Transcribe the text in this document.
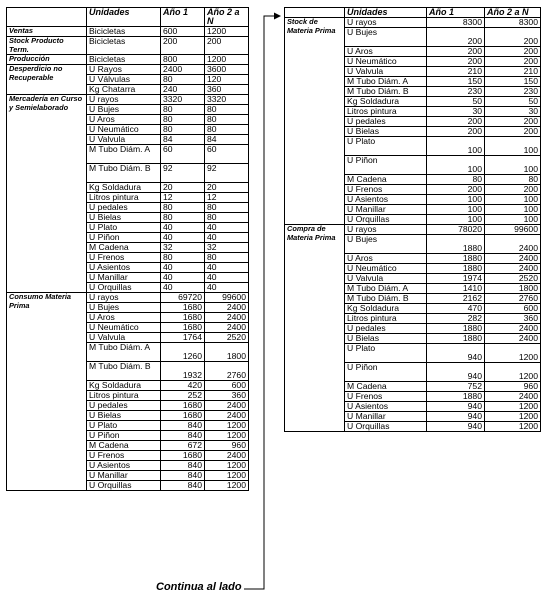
	Unidades	Año 1	Año 2 a N
Ventas	Bicicletas	600	1200
Stock Producto Term.	Bicicletas	200	200
Producción	Bicicletas	800	1200
Desperdicio no Recuperable	U Rayos	2400	3600
	U Válvulas	80	120
	Kg Chatarra	240	360
Mercadería en Curso y Semielaborado	U rayos	3320	3320
	U Bujes	80	80
	U Aros	80	80
	U Neumático	80	80
	U Valvula	84	84
	M Tubo Diám. A	60	60
	M Tubo Diám. B	92	92
	Kg Soldadura	20	20
	Litros pintura	12	12
	U pedales	80	80
	U Bielas	80	80
	U Plato	40	40
	U Piñon	40	40
	M Cadena	32	32
	U Frenos	80	80
	U Asientos	40	40
	U Manillar	40	40
	U Orquillas	40	40
Consumo Materia Prima	U rayos	69720	99600
	U Bujes	1680	2400
	U Aros	1680	2400
	U Neumático	1680	2400
	U Valvula	1764	2520
	M Tubo Diám. A	1260	1800
	M Tubo Diám. B	1932	2760
	Kg Soldadura	420	600
	Litros pintura	252	360
	U pedales	1680	2400
	U Bielas	1680	2400
	U Plato	840	1200
	U Piñon	840	1200
	M Cadena	672	960
	U Frenos	1680	2400
	U Asientos	840	1200
	U Manillar	840	1200
	U Orquillas	840	1200
	Unidades	Año 1	Año 2 a N
Stock de Materia Prima	U rayos	8300	8300
	U Bujes	200	200
	U Aros	200	200
	U Neumático	200	200
	U Valvula	210	210
	M Tubo Diám. A	150	150
	M Tubo Diám. B	230	230
	Kg Soldadura	50	50
	Litros pintura	30	30
	U pedales	200	200
	U Bielas	200	200
	U Plato	100	100
	U Piñon	100	100
	M Cadena	80	80
	U Frenos	200	200
	U Asientos	100	100
	U Manillar	100	100
	U Orquillas	100	100
Compra de Materia Prima	U rayos	78020	99600
	U Bujes	1880	2400
	U Aros	1880	2400
	U Neumático	1880	2400
	U Valvula	1974	2520
	M Tubo Diám. A	1410	1800
	M Tubo Diám. B	2162	2760
	Kg Soldadura	470	600
	Litros pintura	282	360
	U pedales	1880	2400
	U Bielas	1880	2400
	U Plato	940	1200
	U Piñon	940	1200
	M Cadena	752	960
	U Frenos	1880	2400
	U Asientos	940	1200
	U Manillar	940	1200
	U Orquillas	940	1200
Continua al lado
